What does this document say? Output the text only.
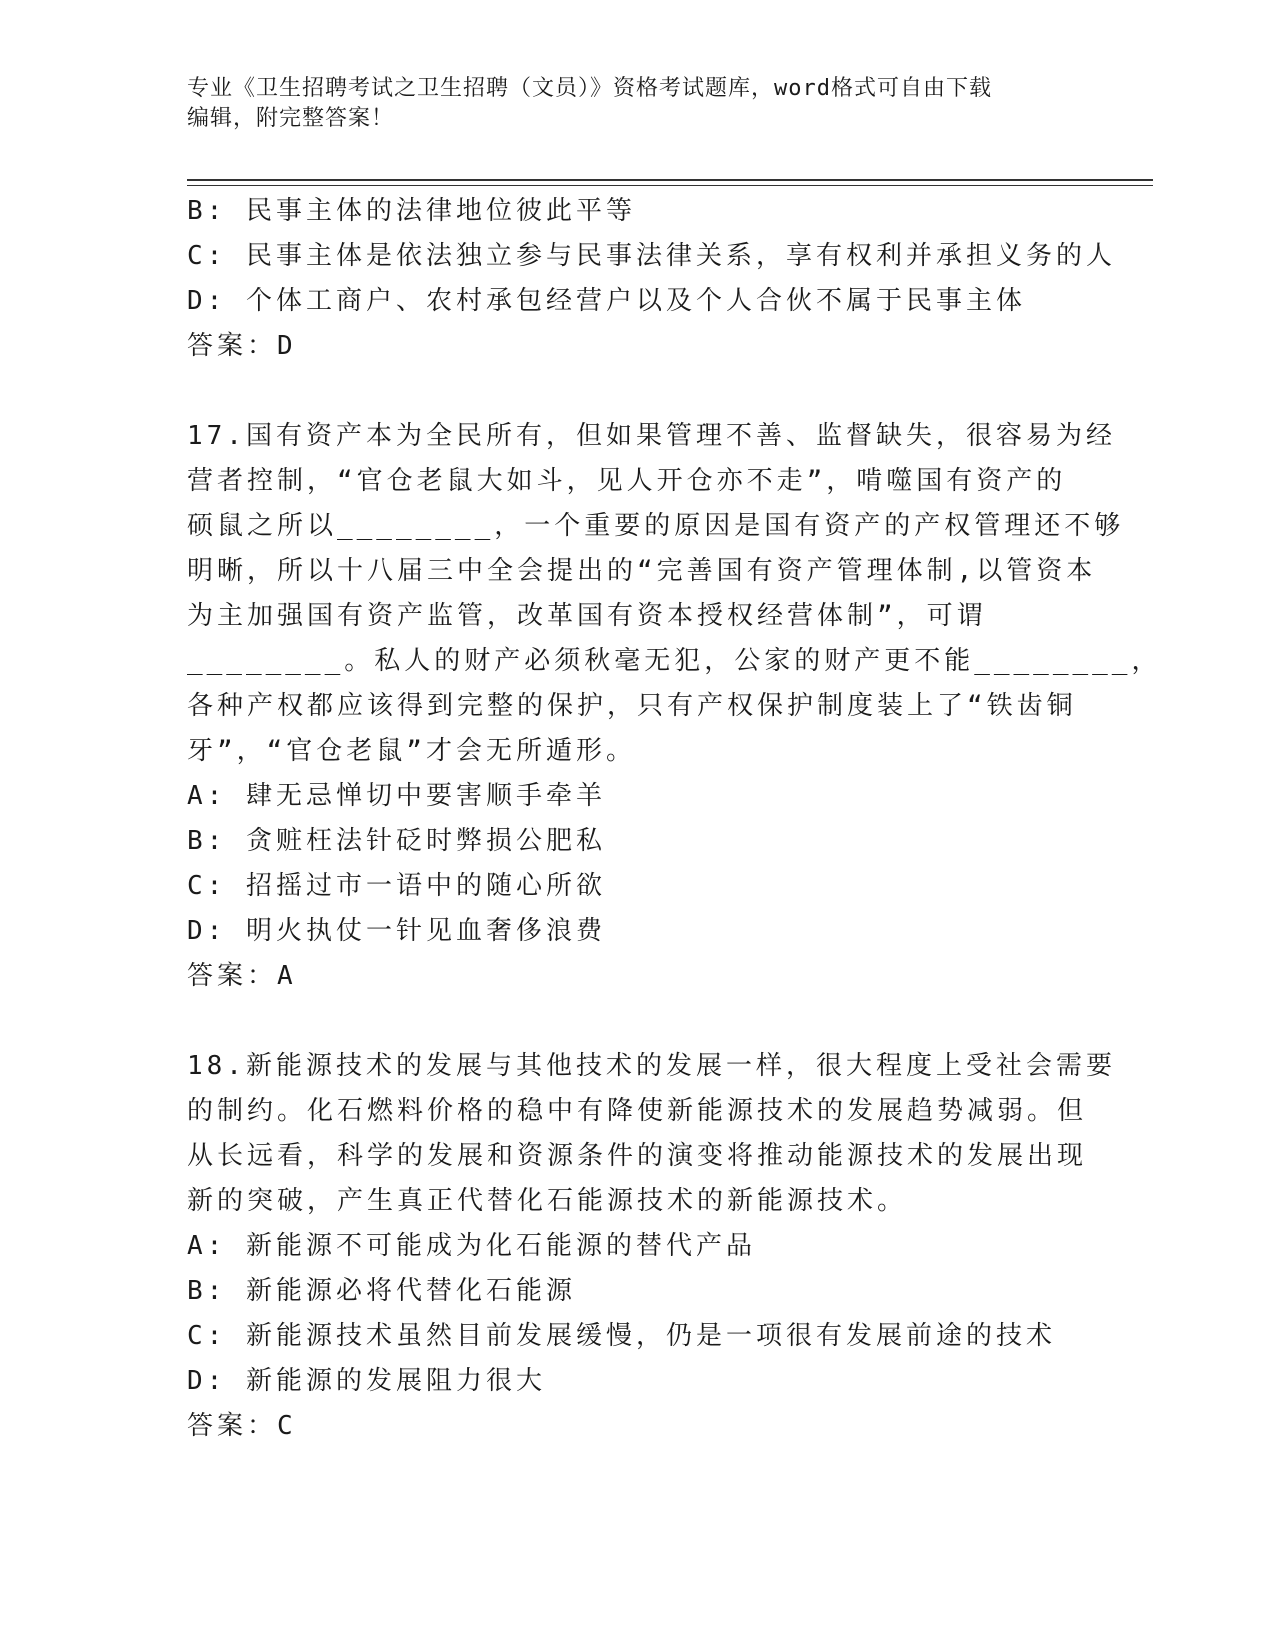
专业《卫生招聘考试之卫生招聘（文员）》资格考试题库，word格式可自由下载
编辑，附完整答案！

B: 民事主体的法律地位彼此平等

C: 民事主体是依法独立参与民事法律关系，享有权利并承担义务的人

D: 个体工商户、农村承包经营户以及个人合伙不属于民事主体

答案：D

17.国有资产本为全民所有，但如果管理不善、监督缺失，很容易为经

营者控制，“官仓老鼠大如斗，见人开仓亦不走”，啃噬国有资产的

硕鼠之所以________，一个重要的原因是国有资产的产权管理还不够

明晰，所以十八届三中全会提出的“完善国有资产管理体制,以管资本

为主加强国有资产监管，改革国有资本授权经营体制”，可谓

________。私人的财产必须秋毫无犯，公家的财产更不能________，

各种产权都应该得到完整的保护，只有产权保护制度装上了“铁齿铜

牙”，“官仓老鼠”才会无所遁形。

A: 肆无忌惮切中要害顺手牵羊

B: 贪赃枉法针砭时弊损公肥私

C: 招摇过市一语中的随心所欲

D: 明火执仗一针见血奢侈浪费

答案：A

18.新能源技术的发展与其他技术的发展一样，很大程度上受社会需要

的制约。化石燃料价格的稳中有降使新能源技术的发展趋势减弱。但

从长远看，科学的发展和资源条件的演变将推动能源技术的发展出现

新的突破，产生真正代替化石能源技术的新能源技术。

A: 新能源不可能成为化石能源的替代产品

B: 新能源必将代替化石能源

C: 新能源技术虽然目前发展缓慢，仍是一项很有发展前途的技术

D: 新能源的发展阻力很大

答案：C
